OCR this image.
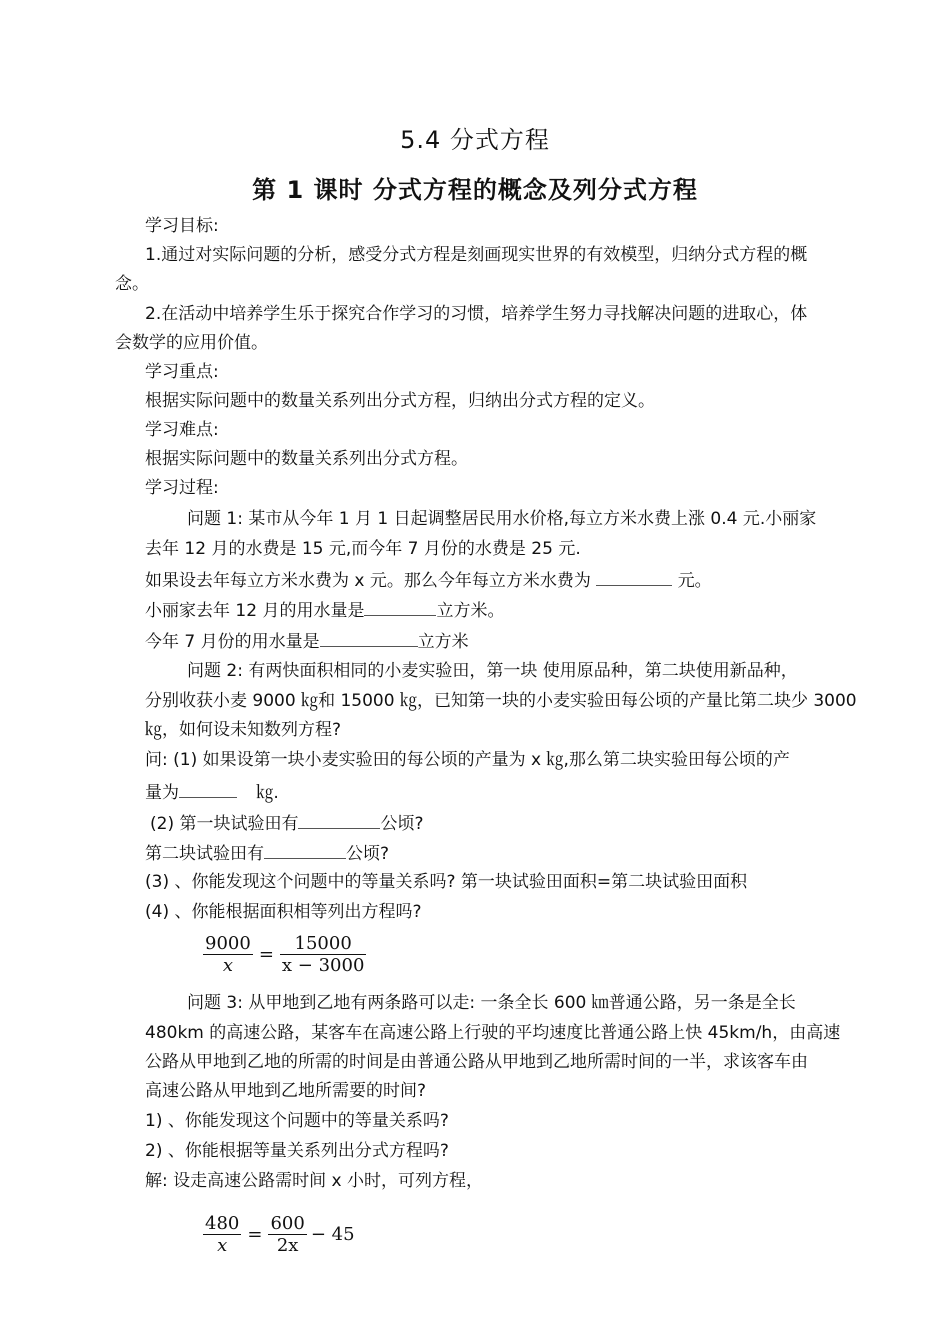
5.4 分式方程
第 1 课时 分式方程的概念及列分式方程
学习目标:
1.通过对实际问题的分析，感受分式方程是刻画现实世界的有效模型，归纳分式方程的概
念。
2.在活动中培养学生乐于探究合作学习的习惯，培养学生努力寻找解决问题的进取心，体
会数学的应用价值。
学习重点:
根据实际问题中的数量关系列出分式方程，归纳出分式方程的定义。
学习难点:
根据实际问题中的数量关系列出分式方程。
学习过程:
问题 1: 某市从今年 1 月 1 日起调整居民用水价格,每立方米水费上涨 0.4 元.小丽家
去年 12 月的水费是 15 元,而今年 7 月份的水费是 25 元.
如果设去年每立方米水费为 x 元。那么今年每立方米水费为	元。
小丽家去年 12 月的用水量是	立方米。
今年 7 月份的用水量是	立方米
问题 2: 有两快面积相同的小麦实验田，第一块 使用原品种，第二块使用新品种，
分别收获小麦 9000 ㎏和 15000 ㎏，已知第一块的小麦实验田每公顷的产量比第二块少 3000
㎏，如何设未知数列方程?
问: (1) 如果设第一块小麦实验田的每公顷的产量为 x ㎏,那么第二块实验田每公顷的产
量为	㎏.
(2) 第一块试验田有	公顷?
第二块试验田有	公顷?
(3) 、你能发现这个问题中的等量关系吗? 第一块试验田面积=第二块试验田面积
(4) 、你能根据面积相等列出方程吗?
$\frac{9000}{x} = \frac{15000}{x - 3000}$
问题 3: 从甲地到乙地有两条路可以走: 一条全长 600 ㎞普通公路，另一条是全长
480km 的高速公路，某客车在高速公路上行驶的平均速度比普通公路上快 45km/h，由高速
公路从甲地到乙地的所需的时间是由普通公路从甲地到乙地所需时间的一半，求该客车由
高速公路从甲地到乙地所需要的时间?
1) 、你能发现这个问题中的等量关系吗?
2) 、你能根据等量关系列出分式方程吗?
解: 设走高速公路需时间 x 小时，可列方程，
$\frac{480}{x} = \frac{600}{2x} - 45$
